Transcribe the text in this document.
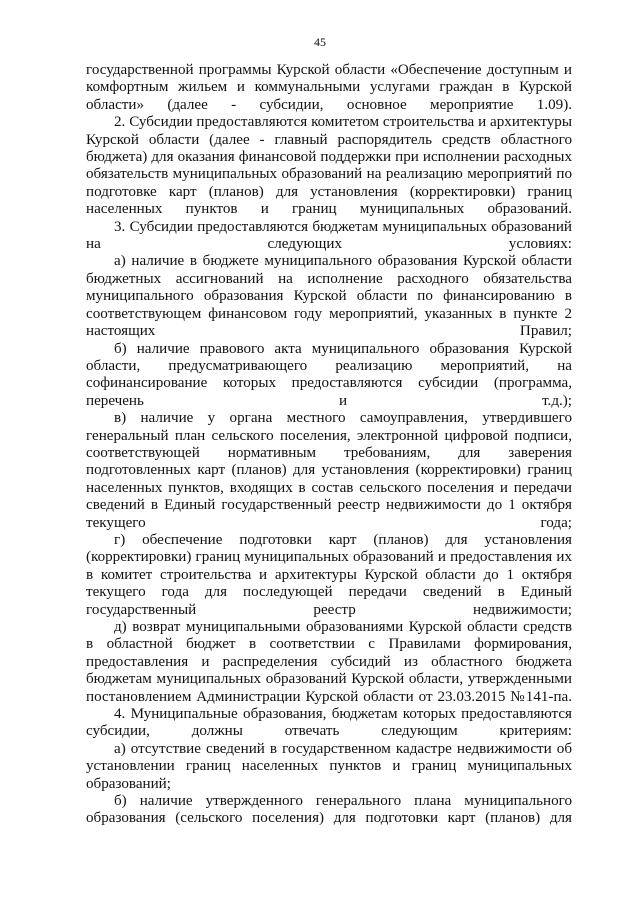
45

государственной программы Курской области «Обеспечение доступным и комфортным жильем и коммунальными услугами граждан в Курской области» (далее - субсидии, основное мероприятие 1.09).

2. Субсидии предоставляются комитетом строительства и архитектуры Курской области (далее - главный распорядитель средств областного бюджета) для оказания финансовой поддержки при исполнении расходных обязательств муниципальных образований на реализацию мероприятий по подготовке карт (планов) для установления (корректировки) границ населенных пунктов и границ муниципальных образований.

3. Субсидии предоставляются бюджетам муниципальных образований на следующих условиях:

а) наличие в бюджете муниципального образования Курской области бюджетных ассигнований на исполнение расходного обязательства муниципального образования Курской области по финансированию в соответствующем финансовом году мероприятий, указанных в пункте 2 настоящих Правил;

б) наличие правового акта муниципального образования Курской области, предусматривающего реализацию мероприятий, на софинансирование которых предоставляются субсидии (программа, перечень и т.д.);

в) наличие у органа местного самоуправления, утвердившего генеральный план сельского поселения, электронной цифровой подписи, соответствующей нормативным требованиям, для заверения подготовленных карт (планов) для установления (корректировки) границ населенных пунктов, входящих в состав сельского поселения и передачи сведений в Единый государственный реестр недвижимости до 1 октября текущего года;

г) обеспечение подготовки карт (планов) для установления (корректировки) границ муниципальных образований и предоставления их в комитет строительства и архитектуры Курской области до 1 октября текущего года для последующей передачи сведений в Единый государственный реестр недвижимости;

д) возврат муниципальными образованиями Курской области средств в областной бюджет в соответствии с Правилами формирования, предоставления и распределения субсидий из областного бюджета бюджетам муниципальных образований Курской области, утвержденными постановлением Администрации Курской области от 23.03.2015 №141-па.

4. Муниципальные образования, бюджетам которых предоставляются субсидии, должны отвечать следующим критериям:

а) отсутствие сведений в государственном кадастре недвижимости об установлении границ населенных пунктов и границ муниципальных образований;

б) наличие утвержденного генерального плана муниципального образования (сельского поселения) для подготовки карт (планов) для
